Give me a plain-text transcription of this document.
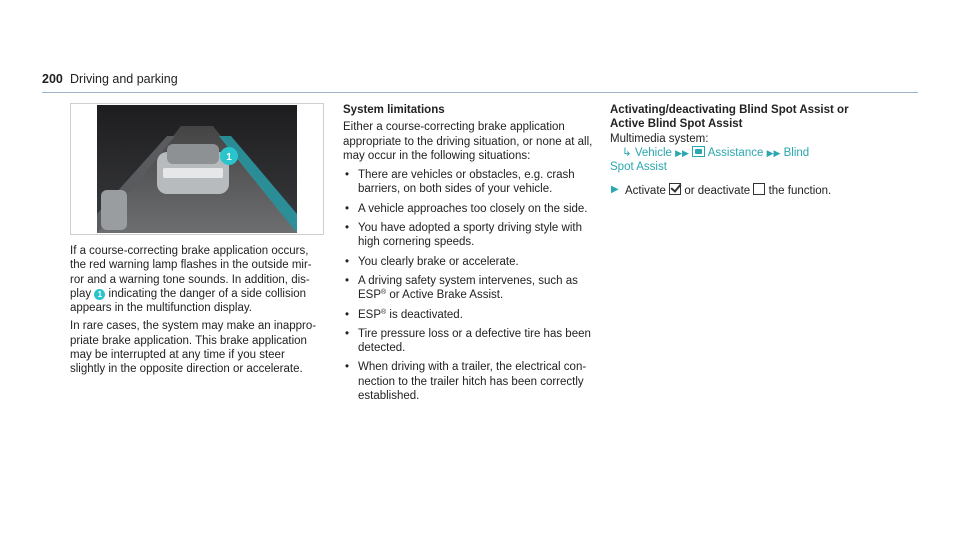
200 Driving and parking
1

If a course-correcting brake application occurs, the red warning lamp flashes in the outside mir-ror and a warning tone sounds. In addition, dis-play 1 indicating the danger of a side collision appears in the multifunction display.

In rare cases, the system may make an inappro-priate brake application. This brake application may be interrupted at any time if you steer slightly in the opposite direction or accelerate.

System limitations

Either a course-correcting brake application appropriate to the driving situation, or none at all, may occur in the following situations:

• There are vehicles or obstacles, e.g. crash barriers, on both sides of your vehicle.
• A vehicle approaches too closely on the side.
• You have adopted a sporty driving style with high cornering speeds.
• You clearly brake or accelerate.
• A driving safety system intervenes, such as ESP® or Active Brake Assist.
• ESP® is deactivated.
• Tire pressure loss or a defective tire has been detected.
• When driving with a trailer, the electrical con-nection to the trailer hitch has been correctly established.

Activating/deactivating Blind Spot Assist or Active Blind Spot Assist

Multimedia system:

↳ Vehicle ▶▶ Assistance ▶▶ Blind
Spot Assist

▶ Activate or deactivate the function.
